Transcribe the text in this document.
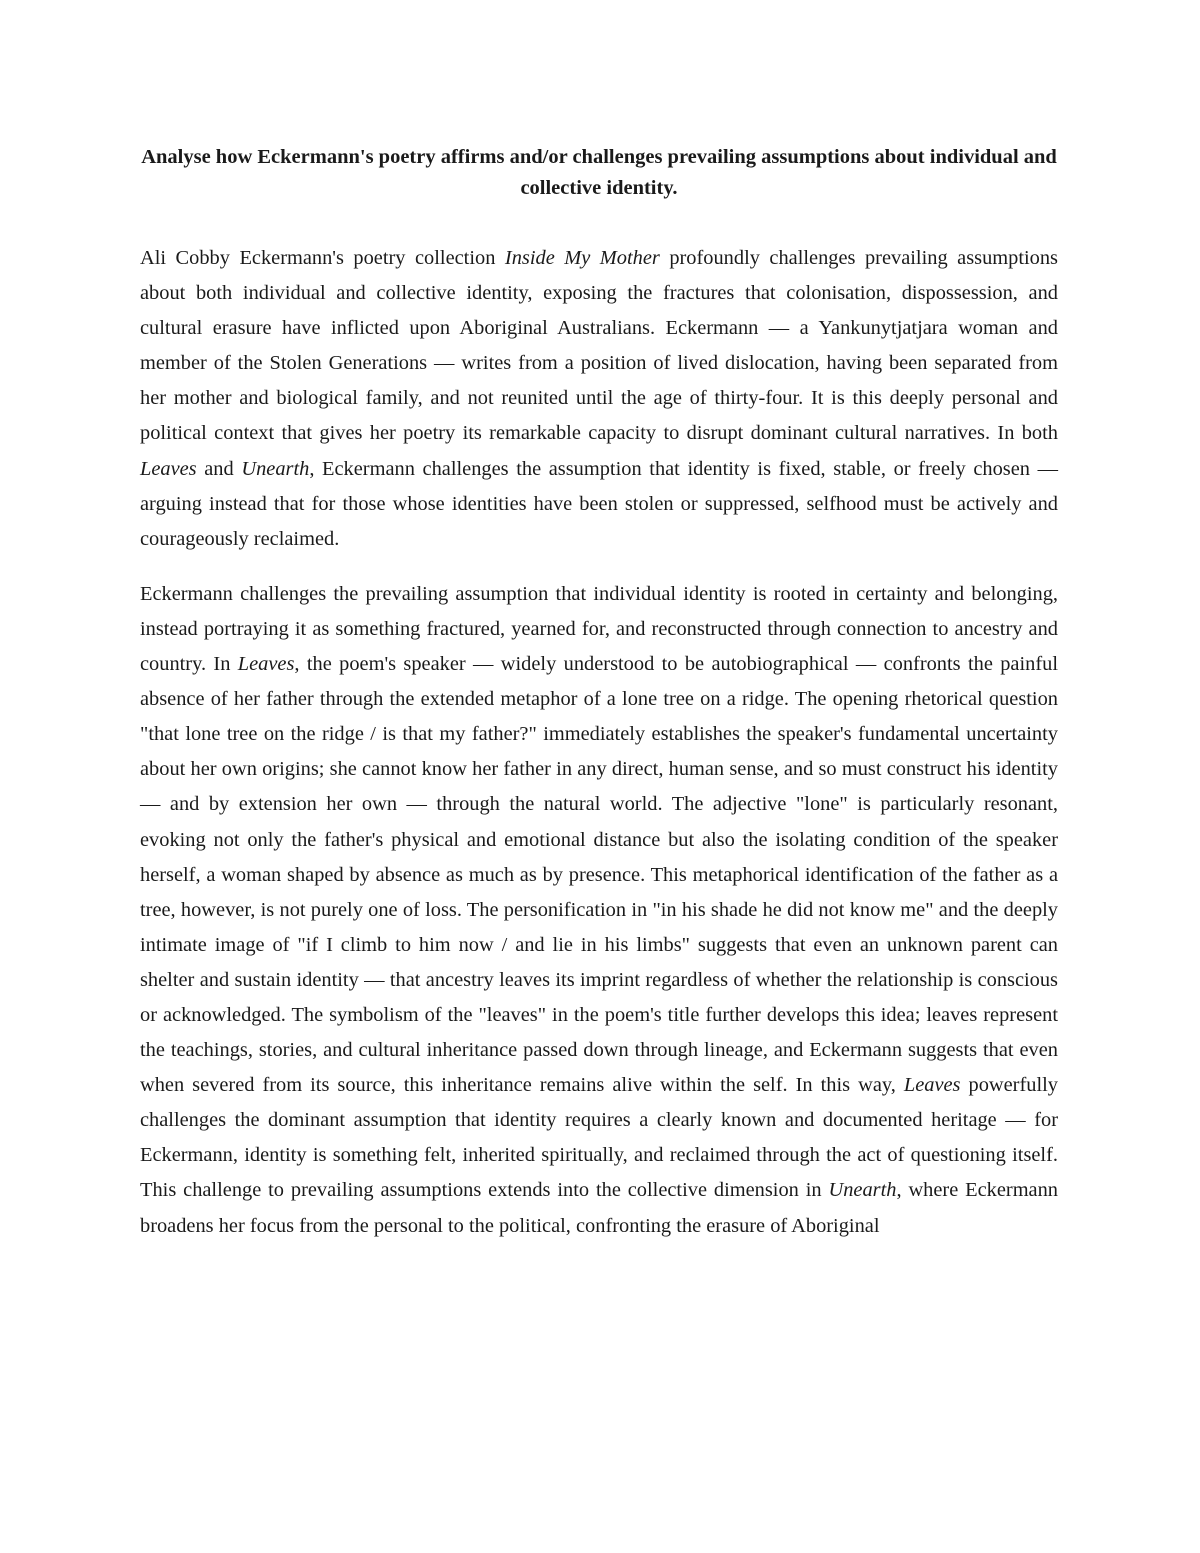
Analyse how Eckermann's poetry affirms and/or challenges prevailing assumptions about individual and collective identity.

Ali Cobby Eckermann's poetry collection Inside My Mother profoundly challenges prevailing assumptions about both individual and collective identity, exposing the fractures that colonisation, dispossession, and cultural erasure have inflicted upon Aboriginal Australians. Eckermann — a Yankunytjatjara woman and member of the Stolen Generations — writes from a position of lived dislocation, having been separated from her mother and biological family, and not reunited until the age of thirty-four. It is this deeply personal and political context that gives her poetry its remarkable capacity to disrupt dominant cultural narratives. In both Leaves and Unearth, Eckermann challenges the assumption that identity is fixed, stable, or freely chosen — arguing instead that for those whose identities have been stolen or suppressed, selfhood must be actively and courageously reclaimed.

Eckermann challenges the prevailing assumption that individual identity is rooted in certainty and belonging, instead portraying it as something fractured, yearned for, and reconstructed through connection to ancestry and country. In Leaves, the poem's speaker — widely understood to be autobiographical — confronts the painful absence of her father through the extended metaphor of a lone tree on a ridge. The opening rhetorical question "that lone tree on the ridge / is that my father?" immediately establishes the speaker's fundamental uncertainty about her own origins; she cannot know her father in any direct, human sense, and so must construct his identity — and by extension her own — through the natural world. The adjective "lone" is particularly resonant, evoking not only the father's physical and emotional distance but also the isolating condition of the speaker herself, a woman shaped by absence as much as by presence. This metaphorical identification of the father as a tree, however, is not purely one of loss. The personification in "in his shade he did not know me" and the deeply intimate image of "if I climb to him now / and lie in his limbs" suggests that even an unknown parent can shelter and sustain identity — that ancestry leaves its imprint regardless of whether the relationship is conscious or acknowledged. The symbolism of the "leaves" in the poem's title further develops this idea; leaves represent the teachings, stories, and cultural inheritance passed down through lineage, and Eckermann suggests that even when severed from its source, this inheritance remains alive within the self. In this way, Leaves powerfully challenges the dominant assumption that identity requires a clearly known and documented heritage — for Eckermann, identity is something felt, inherited spiritually, and reclaimed through the act of questioning itself. This challenge to prevailing assumptions extends into the collective dimension in Unearth, where Eckermann broadens her focus from the personal to the political, confronting the erasure of Aboriginal
